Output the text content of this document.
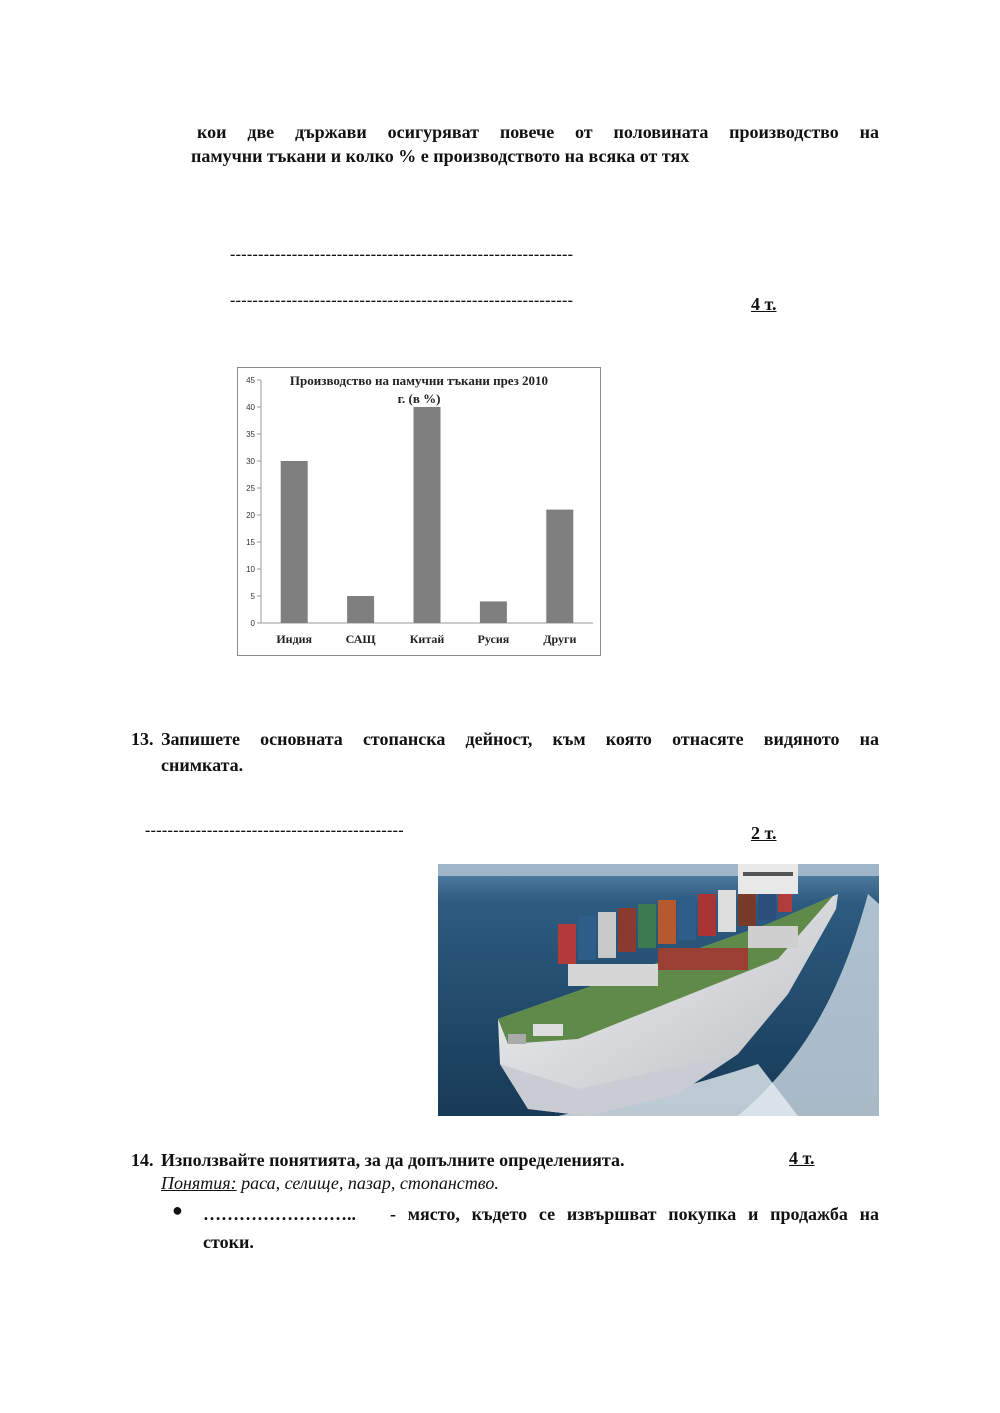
кои две държави осигуряват повече от половината производство на
памучни тъкани и колко % е производството на всяка от тях
-------------------------------------------------------------
-------------------------------------------------------------	4 т.
0
5
10
15
20
25
30
35
40
45
Индия	САЩ	Китай	Русия	Други
Производство на памучни тъкани през 2010
г. (в %)
13. Запишете основната стопанска дейност, към която отнасяте видяното на
снимката.
----------------------------------------------	2 т.
14. Използвайте понятията, за да допълните определенията.	4 т.
Понятия: раса, селище, пазар, стопанство.
● …………………….. - място, където се извършват покупка и продажба на
стоки.
